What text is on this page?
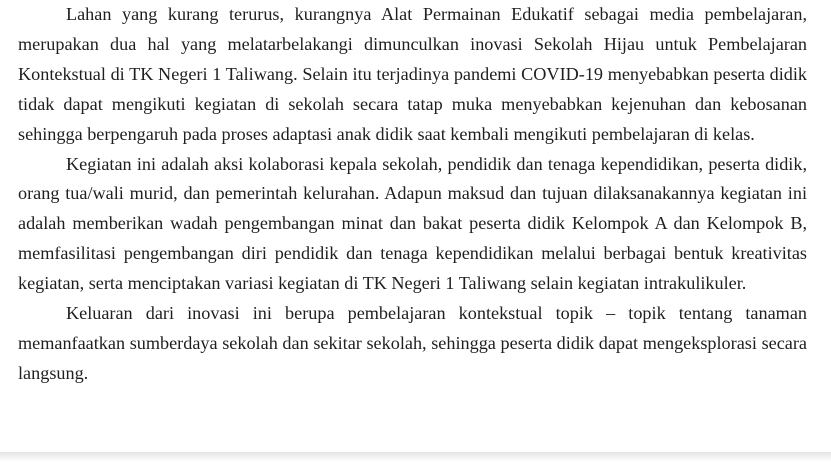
Lahan yang kurang terurus, kurangnya Alat Permainan Edukatif sebagai media pembelajaran, merupakan dua hal yang melatarbelakangi dimunculkan inovasi Sekolah Hijau untuk Pembelajaran Kontekstual di TK Negeri 1 Taliwang. Selain itu terjadinya pandemi COVID-19 menyebabkan peserta didik tidak dapat mengikuti kegiatan di sekolah secara tatap muka menyebabkan kejenuhan dan kebosanan sehingga berpengaruh pada proses adaptasi anak didik saat kembali mengikuti pembelajaran di kelas.

Kegiatan ini adalah aksi kolaborasi kepala sekolah, pendidik dan tenaga kependidikan, peserta didik, orang tua/wali murid, dan pemerintah kelurahan. Adapun maksud dan tujuan dilaksanakannya kegiatan ini adalah memberikan wadah pengembangan minat dan bakat peserta didik Kelompok A dan Kelompok B, memfasilitasi pengembangan diri pendidik dan tenaga kependidikan melalui berbagai bentuk kreativitas kegiatan, serta menciptakan variasi kegiatan di TK Negeri 1 Taliwang selain kegiatan intrakulikuler.

Keluaran dari inovasi ini berupa pembelajaran kontekstual topik – topik tentang tanaman memanfaatkan sumberdaya sekolah dan sekitar sekolah, sehingga peserta didik dapat mengeksplorasi secara langsung.
